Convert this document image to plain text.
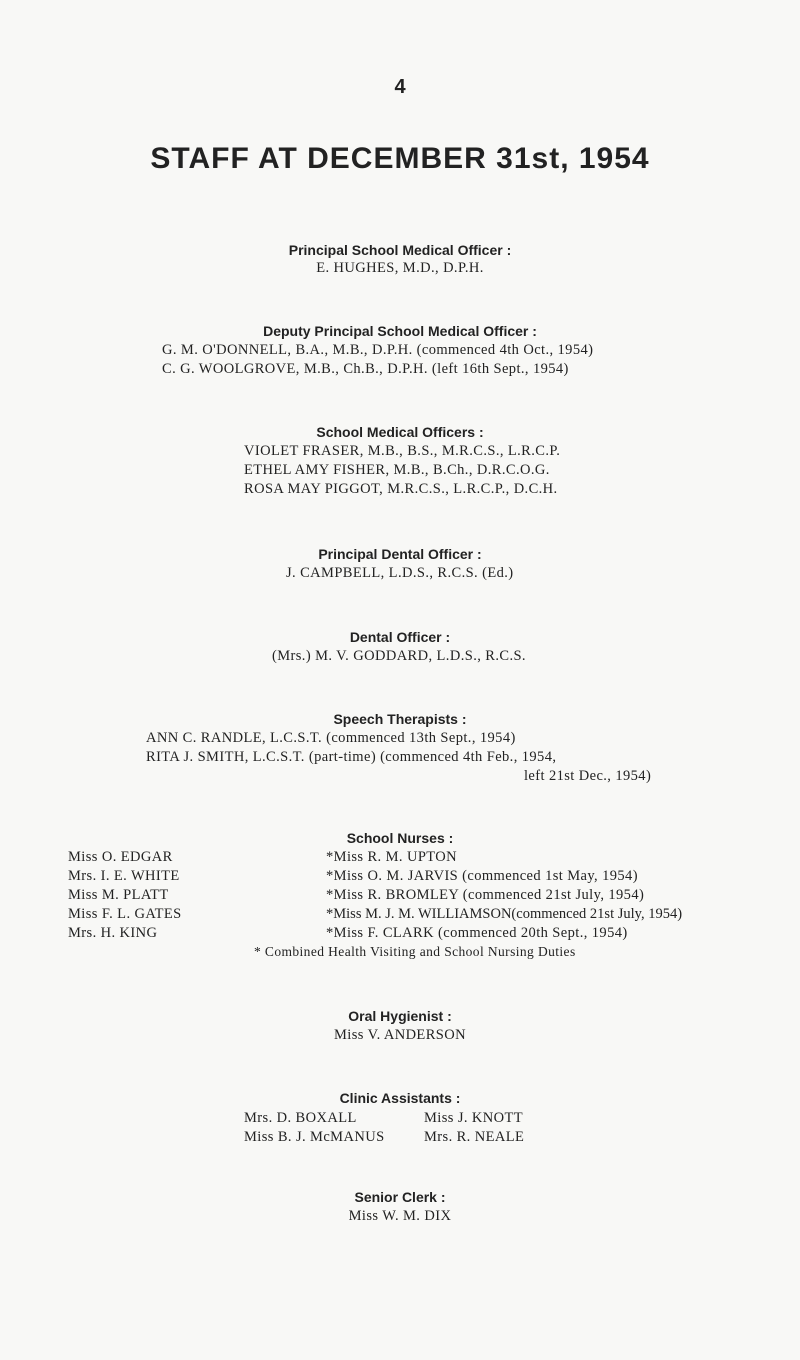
4
STAFF AT DECEMBER 31st, 1954
Principal School Medical Officer :
E. HUGHES, M.D., D.P.H.
Deputy Principal School Medical Officer :
G. M. O'DONNELL, B.A., M.B., D.P.H. (commenced 4th Oct., 1954)
C. G. WOOLGROVE, M.B., Ch.B., D.P.H. (left 16th Sept., 1954)
School Medical Officers :
VIOLET FRASER, M.B., B.S., M.R.C.S., L.R.C.P.
ETHEL AMY FISHER, M.B., B.Ch., D.R.C.O.G.
ROSA MAY PIGGOT, M.R.C.S., L.R.C.P., D.C.H.
Principal Dental Officer :
J. CAMPBELL, L.D.S., R.C.S. (Ed.)
Dental Officer :
(Mrs.) M. V. GODDARD, L.D.S., R.C.S.
Speech Therapists :
ANN C. RANDLE, L.C.S.T. (commenced 13th Sept., 1954)
RITA J. SMITH, L.C.S.T. (part-time) (commenced 4th Feb., 1954,
left 21st Dec., 1954)
School Nurses :
Miss O. EDGAR
Mrs. I. E. WHITE
Miss M. PLATT
Miss F. L. GATES
Mrs. H. KING
*Miss R. M. UPTON
*Miss O. M. JARVIS (commenced 1st May, 1954)
*Miss R. BROMLEY (commenced 21st July, 1954)
*Miss M. J. M. WILLIAMSON(commenced 21st July, 1954)
*Miss F. CLARK (commenced 20th Sept., 1954)
* Combined Health Visiting and School Nursing Duties
Oral Hygienist :
Miss V. ANDERSON
Clinic Assistants :
Mrs. D. BOXALL
Miss B. J. McMANUS
Miss J. KNOTT
Mrs. R. NEALE
Senior Clerk :
Miss W. M. DIX
